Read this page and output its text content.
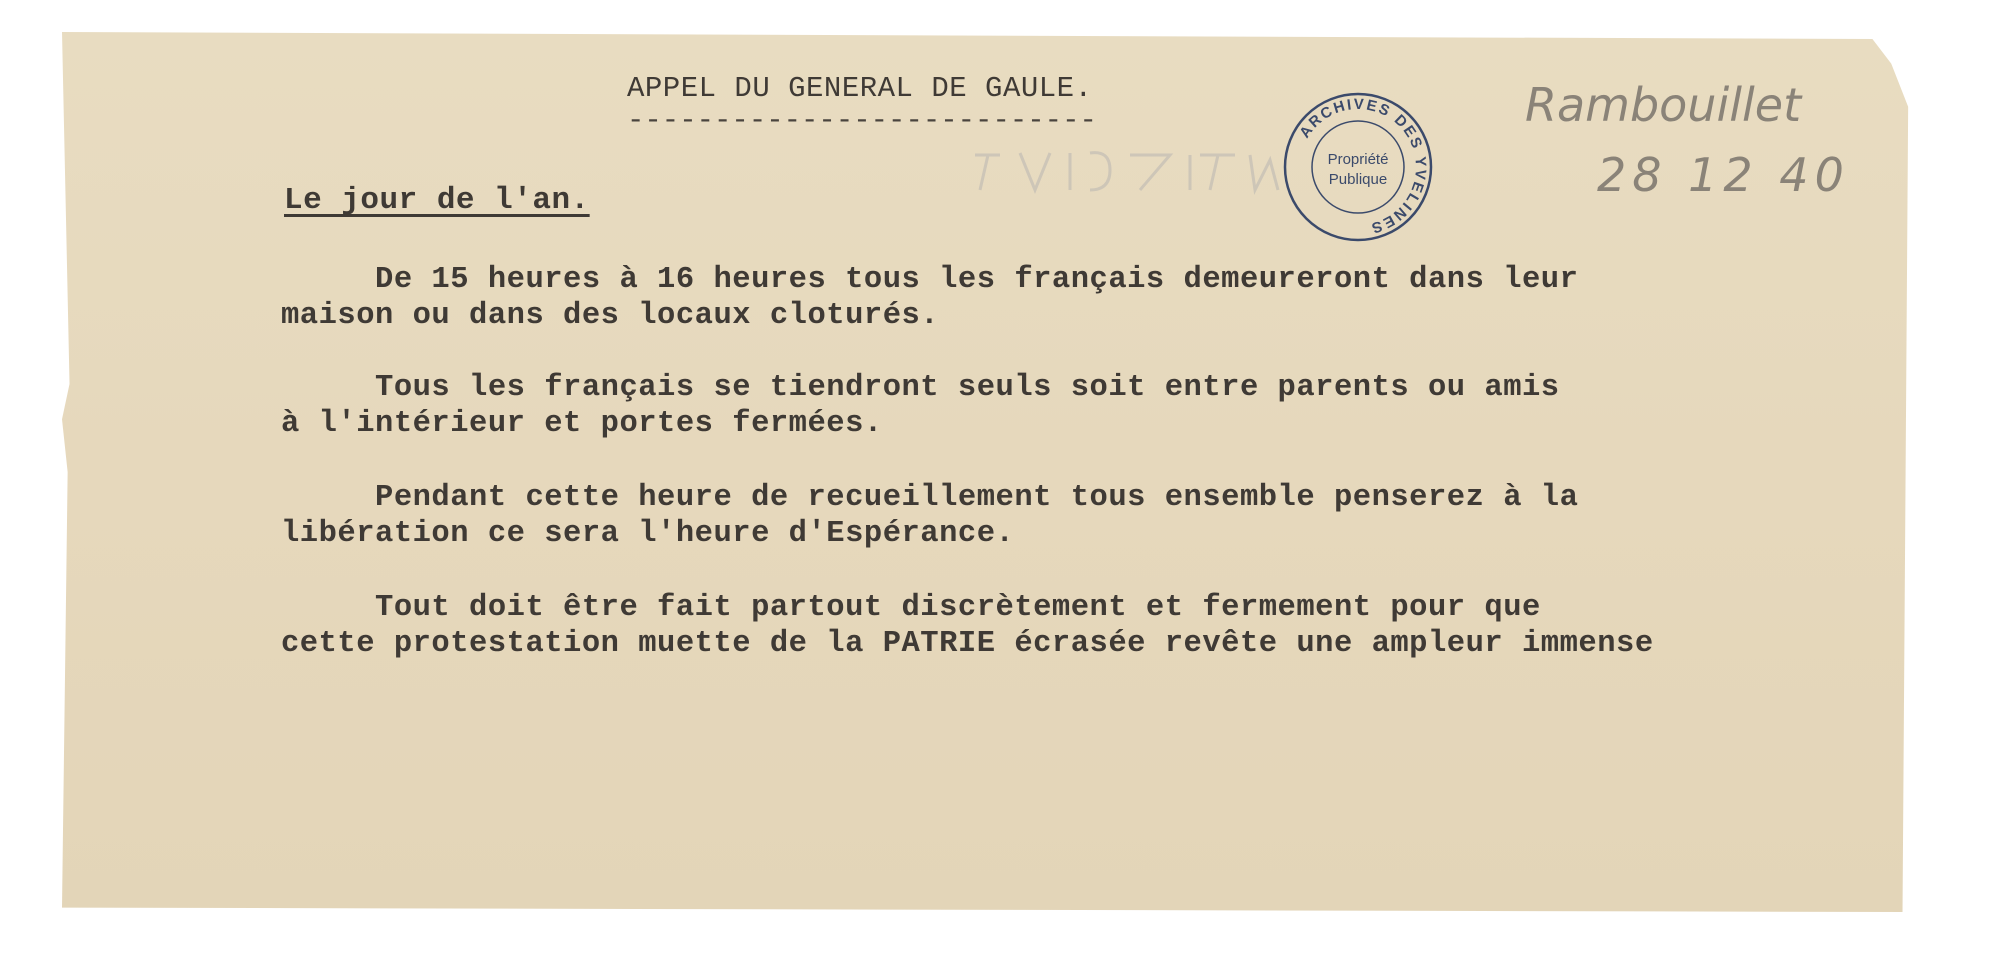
APPEL DU GENERAL DE GAULE.
---------------------------	ARCHIVES DES YVELINES
Propriété
Publique
Rambouillet
28 12 40
Le jour de l'an.
De 15 heures à 16 heures tous les français demeureront dans leur
maison ou dans des locaux cloturés.
Tous les français se tiendront seuls soit entre parents ou amis
à l'intérieur et portes fermées.
Pendant cette heure de recueillement tous ensemble penserez à la
libération ce sera l'heure d'Espérance.
Tout doit être fait partout discrètement et fermement pour que
cette protestation muette de la PATRIE écrasée revête une ampleur immense
